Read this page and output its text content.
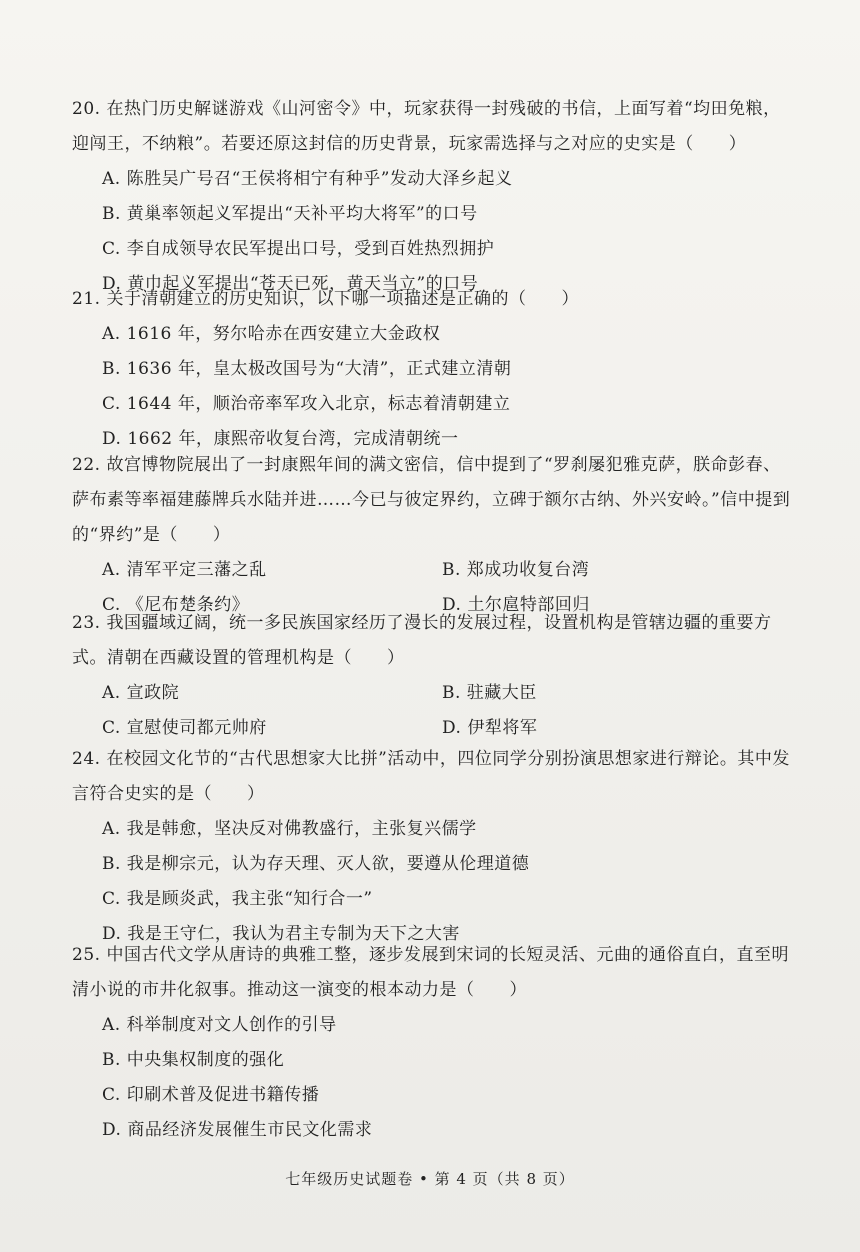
20. 在热门历史解谜游戏《山河密令》中，玩家获得一封残破的书信，上面写着“均田免粮，迎闯王，不纳粮”。若要还原这封信的历史背景，玩家需选择与之对应的史实是（　　）
A. 陈胜吴广号召“王侯将相宁有种乎”发动大泽乡起义
B. 黄巢率领起义军提出“天补平均大将军”的口号
C. 李自成领导农民军提出口号，受到百姓热烈拥护
D. 黄巾起义军提出“苍天已死，黄天当立”的口号
21. 关于清朝建立的历史知识，以下哪一项描述是正确的（　　）
A. 1616 年，努尔哈赤在西安建立大金政权
B. 1636 年，皇太极改国号为“大清”，正式建立清朝
C. 1644 年，顺治帝率军攻入北京，标志着清朝建立
D. 1662 年，康熙帝收复台湾，完成清朝统一
22. 故宫博物院展出了一封康熙年间的满文密信，信中提到了“罗刹屡犯雅克萨，朕命彭春、萨布素等率福建藤牌兵水陆并进……今已与彼定界约，立碑于额尔古纳、外兴安岭。”信中提到的“界约”是（　　）
A. 清军平定三藩之乱	B. 郑成功收复台湾
C. 《尼布楚条约》	D. 土尔扈特部回归
23. 我国疆域辽阔，统一多民族国家经历了漫长的发展过程，设置机构是管辖边疆的重要方式。清朝在西藏设置的管理机构是（　　）
A. 宣政院	B. 驻藏大臣
C. 宣慰使司都元帅府	D. 伊犁将军
24. 在校园文化节的“古代思想家大比拼”活动中，四位同学分别扮演思想家进行辩论。其中发言符合史实的是（　　）
A. 我是韩愈，坚决反对佛教盛行，主张复兴儒学
B. 我是柳宗元，认为存天理、灭人欲，要遵从伦理道德
C. 我是顾炎武，我主张“知行合一”
D. 我是王守仁，我认为君主专制为天下之大害
25. 中国古代文学从唐诗的典雅工整，逐步发展到宋词的长短灵活、元曲的通俗直白，直至明清小说的市井化叙事。推动这一演变的根本动力是（　　）
A. 科举制度对文人创作的引导
B. 中央集权制度的强化
C. 印刷术普及促进书籍传播
D. 商品经济发展催生市民文化需求
七年级历史试题卷 • 第 4 页（共 8 页）
